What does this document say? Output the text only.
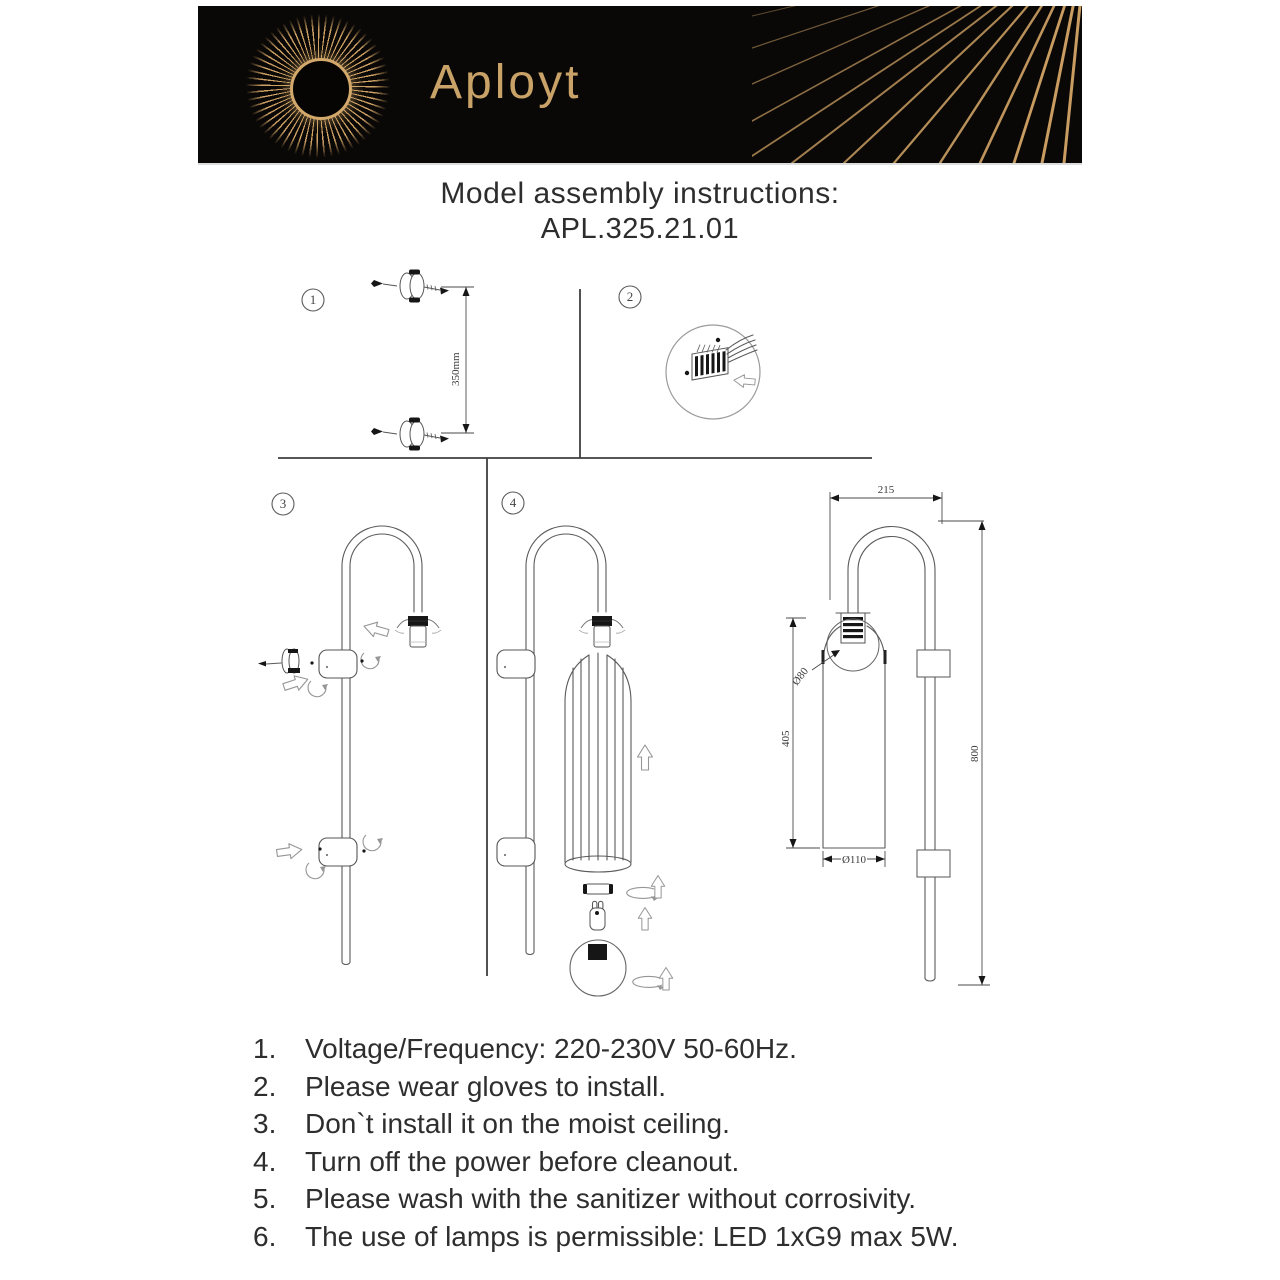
Aployt
Model assembly instructions:
APL.325.21.01
1
350mm
2
3	4
215
Ø80
405
Ø110
800
1.	Voltage/Frequency: 220-230V 50-60Hz.
2.	Please wear gloves to install.
3.	Don`t install it on the moist ceiling.
4.	Turn off the power before cleanout.
5.	Please wash with the sanitizer without corrosivity.
6.	The use of lamps is permissible: LED 1xG9 max 5W.
